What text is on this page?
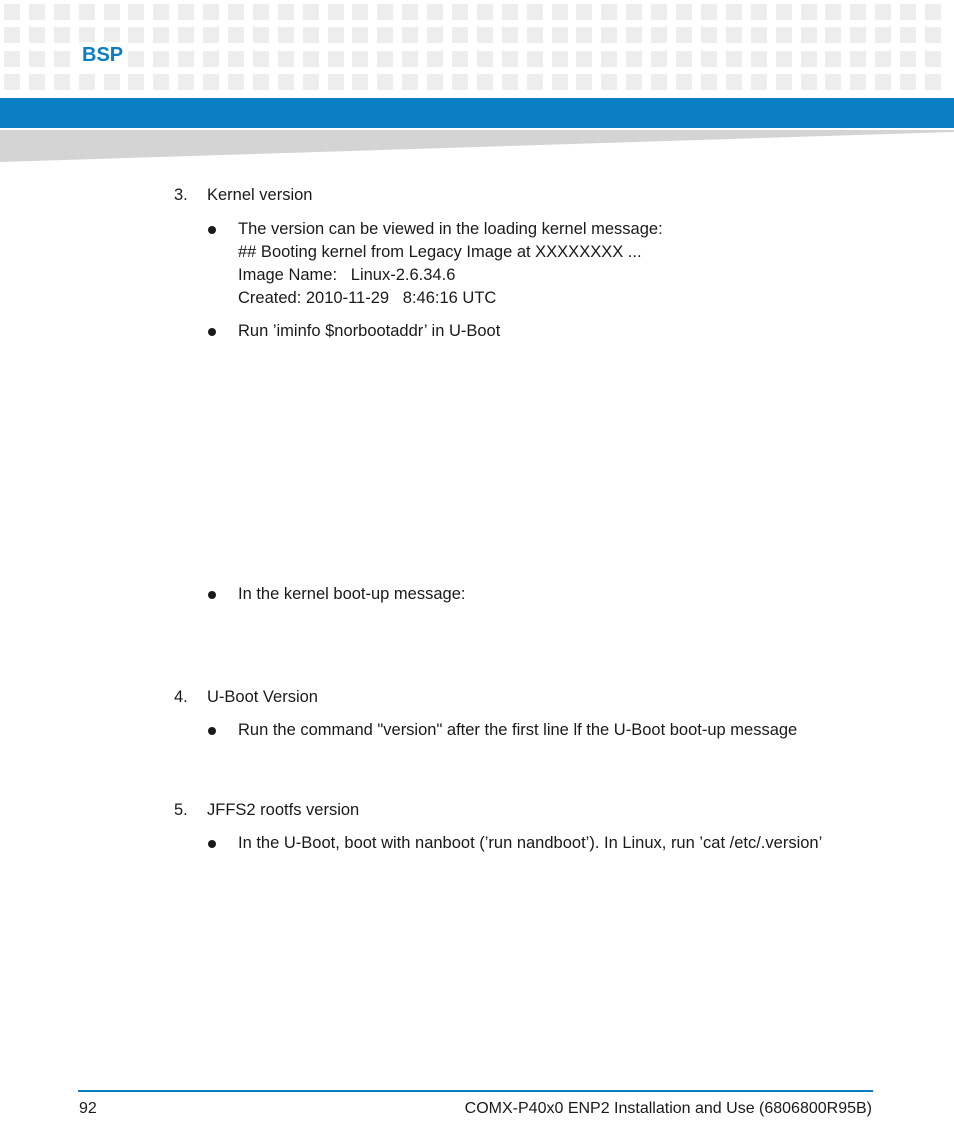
BSP
3. Kernel version
The version can be viewed in the loading kernel message:
## Booting kernel from Legacy Image at XXXXXXXX ...
Image Name:   Linux-2.6.34.6
Created: 2010-11-29   8:46:16 UTC
Run ’iminfo $norbootaddr’ in U-Boot
In the kernel boot-up message:
4. U-Boot Version
Run the command "version" after the first line lf the U-Boot boot-up message
5. JFFS2 rootfs version
In the U-Boot, boot with nanboot (’run nandboot’). In Linux, run ’cat /etc/.version’
92	COMX-P40x0 ENP2 Installation and Use (6806800R95B)
